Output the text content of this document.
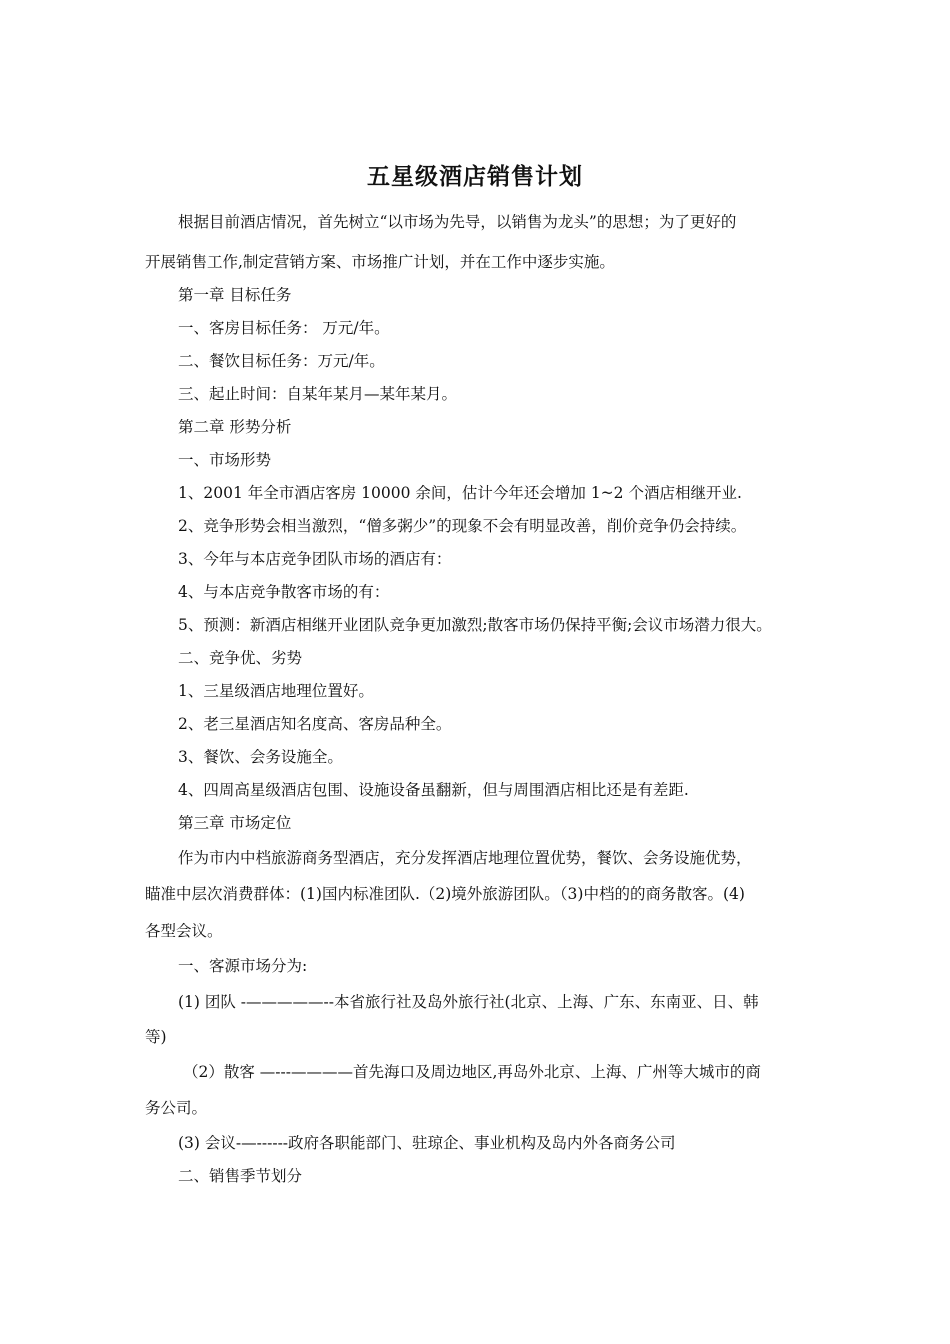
五星级酒店销售计划
根据目前酒店情况，首先树立“以市场为先导，以销售为龙头”的思想；为了更好的
开展销售工作,制定营销方案、市场推广计划，并在工作中逐步实施。
第一章 目标任务
一、客房目标任务： 万元/年。
二、餐饮目标任务：万元/年。
三、起止时间：自某年某月—某年某月。
第二章 形势分析
一、市场形势
1、2001 年全市酒店客房 10000 余间，估计今年还会增加 1~2 个酒店相继开业.
2、竞争形势会相当激烈，“僧多粥少”的现象不会有明显改善，削价竞争仍会持续。
3、今年与本店竞争团队市场的酒店有：
4、与本店竞争散客市场的有：
5、预测：新酒店相继开业团队竞争更加激烈;散客市场仍保持平衡;会议市场潜力很大。
二、竞争优、劣势
1、三星级酒店地理位置好。
2、老三星酒店知名度高、客房品种全。
3、餐饮、会务设施全。
4、四周高星级酒店包围、设施设备虽翻新，但与周围酒店相比还是有差距.
第三章 市场定位
作为市内中档旅游商务型酒店，充分发挥酒店地理位置优势，餐饮、会务设施优势，
瞄准中层次消费群体：(1)国内标准团队.（2)境外旅游团队。（3)中档的的商务散客。(4)
各型会议。
一、客源市场分为:
(1) 团队 -—————--本省旅行社及岛外旅行社(北京、上海、广东、东南亚、日、韩
等)
（2）散客 —---————首先海口及周边地区,再岛外北京、上海、广州等大城市的商
务公司。
(3) 会议-—------政府各职能部门、驻琼企、事业机构及岛内外各商务公司
二、销售季节划分
